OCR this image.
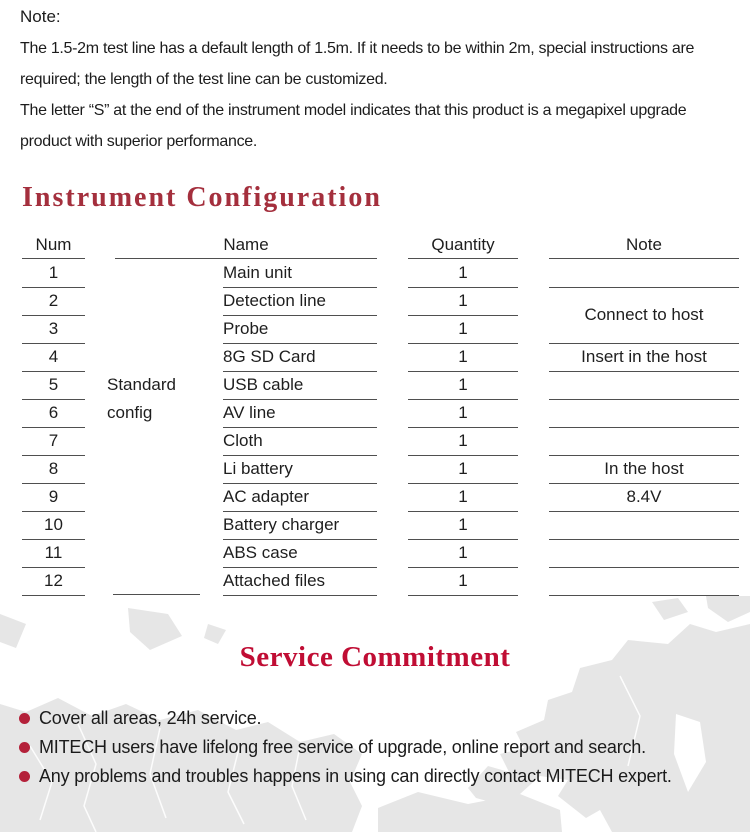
Note:
The 1.5-2m test line has a default length of 1.5m. If it needs to be within 2m, special instructions are
required; the length of the test line can be customized.
The letter “S” at the end of the instrument model indicates that this product is a megapixel upgrade
product with superior performance.
Instrument Configuration
Num	Name	Quantity	Note
Standard
config
Connect to host
1	Main unit	1
2	Detection line	1
3	Probe	1
4	8G SD Card	1	Insert in the host
5	USB cable	1
6	AV line	1
7	Cloth	1
8	Li battery	1	In the host
9	AC adapter	1	8.4V
10	Battery charger	1
11	ABS case	1
12	Attached files	1
Service Commitment
Cover all areas, 24h service.
MITECH users have lifelong free service of upgrade, online report and search.
Any problems and troubles happens in using can directly contact MITECH expert.
